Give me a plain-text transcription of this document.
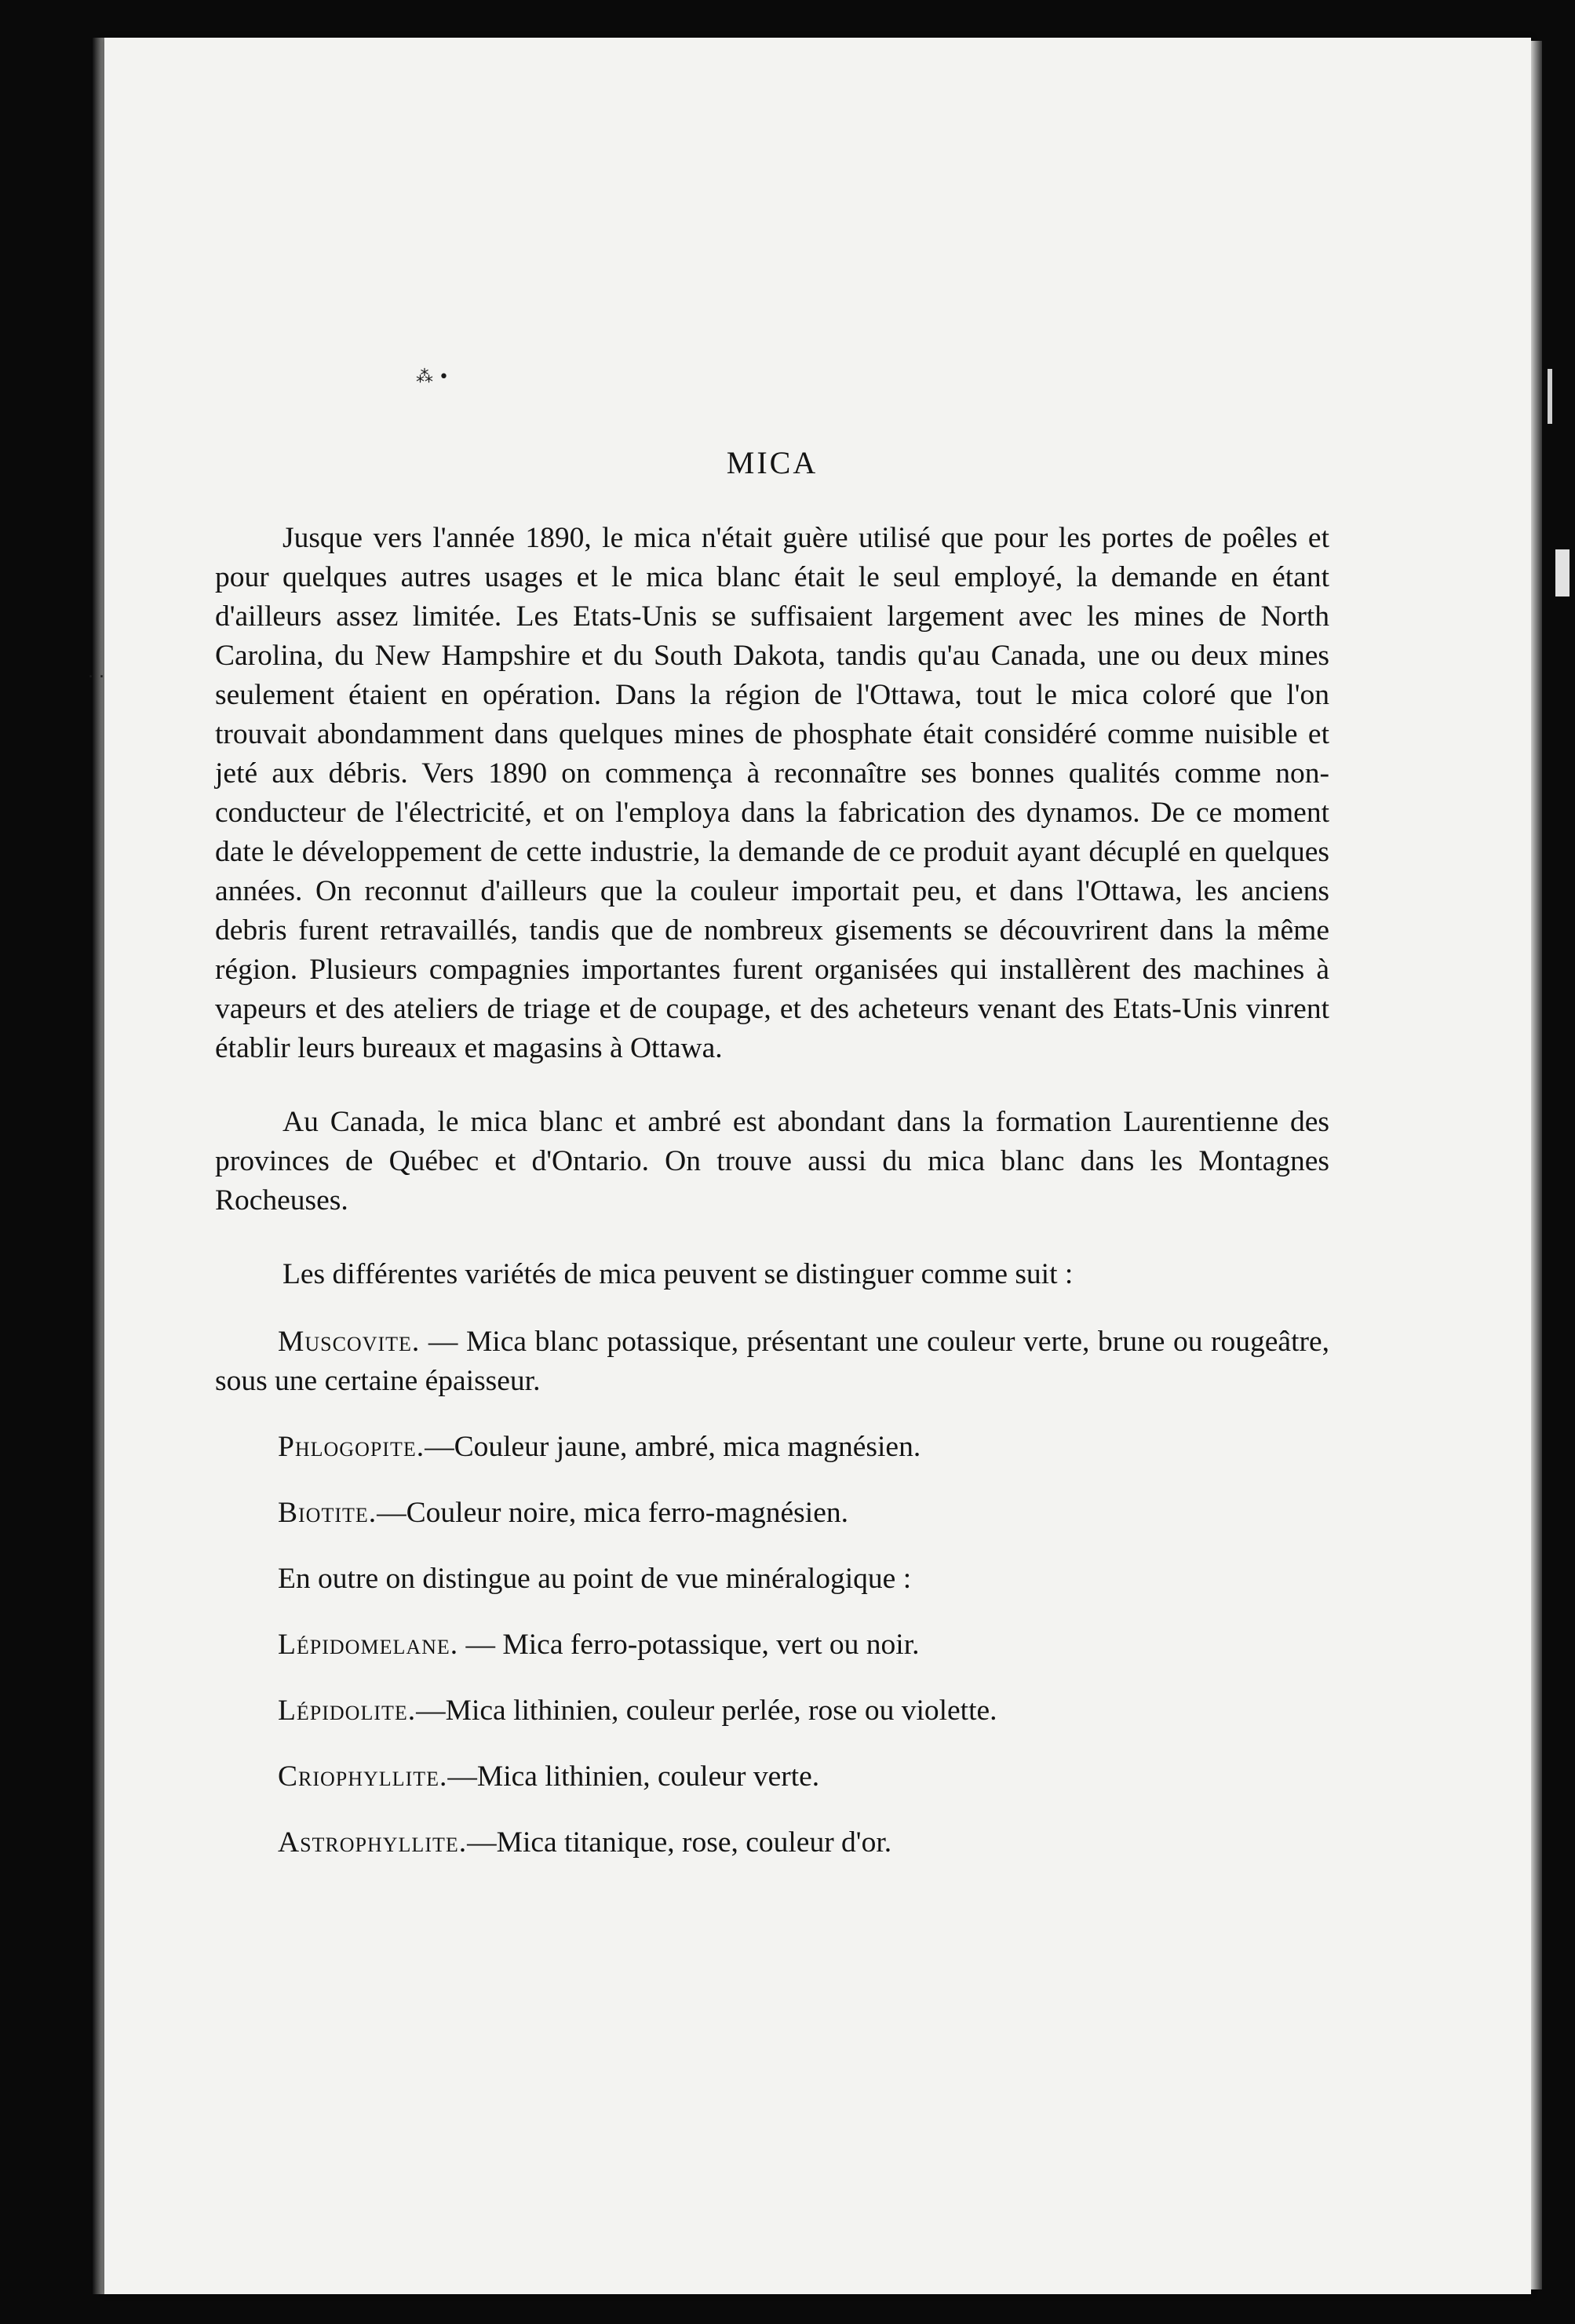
⁂ •
. .
MICA

Jusque vers l'année 1890, le mica n'était guère utilisé que pour les portes de poêles et pour quelques autres usages et le mica blanc était le seul employé, la demande en étant d'ailleurs assez limitée. Les Etats-Unis se suffisaient largement avec les mines de North Carolina, du New Hampshire et du South Dakota, tandis qu'au Canada, une ou deux mines seulement étaient en opération. Dans la région de l'Ottawa, tout le mica coloré que l'on trouvait abondamment dans quelques mines de phosphate était considéré comme nuisible et jeté aux débris. Vers 1890 on commença à reconnaître ses bonnes qualités comme non-conducteur de l'électricité, et on l'employa dans la fabrication des dynamos. De ce moment date le développement de cette industrie, la demande de ce produit ayant décuplé en quelques années. On reconnut d'ailleurs que la couleur importait peu, et dans l'Ottawa, les anciens debris furent retravaillés, tandis que de nombreux gisements se découvrirent dans la même région. Plusieurs compagnies importantes furent organisées qui installèrent des machines à vapeurs et des ateliers de triage et de coupage, et des acheteurs venant des Etats-Unis vinrent établir leurs bureaux et magasins à Ottawa.

Au Canada, le mica blanc et ambré est abondant dans la formation Laurentienne des provinces de Québec et d'Ontario. On trouve aussi du mica blanc dans les Montagnes Rocheuses.

Les différentes variétés de mica peuvent se distinguer comme suit :

Muscovite. — Mica blanc potassique, présentant une couleur verte, brune ou rougeâtre, sous une certaine épaisseur.

Phlogopite.—Couleur jaune, ambré, mica magnésien.

Biotite.—Couleur noire, mica ferro-magnésien.

En outre on distingue au point de vue minéralogique :

Lépidomelane. — Mica ferro-potassique, vert ou noir.

Lépidolite.—Mica lithinien, couleur perlée, rose ou violette.

Criophyllite.—Mica lithinien, couleur verte.

Astrophyllite.—Mica titanique, rose, couleur d'or.
